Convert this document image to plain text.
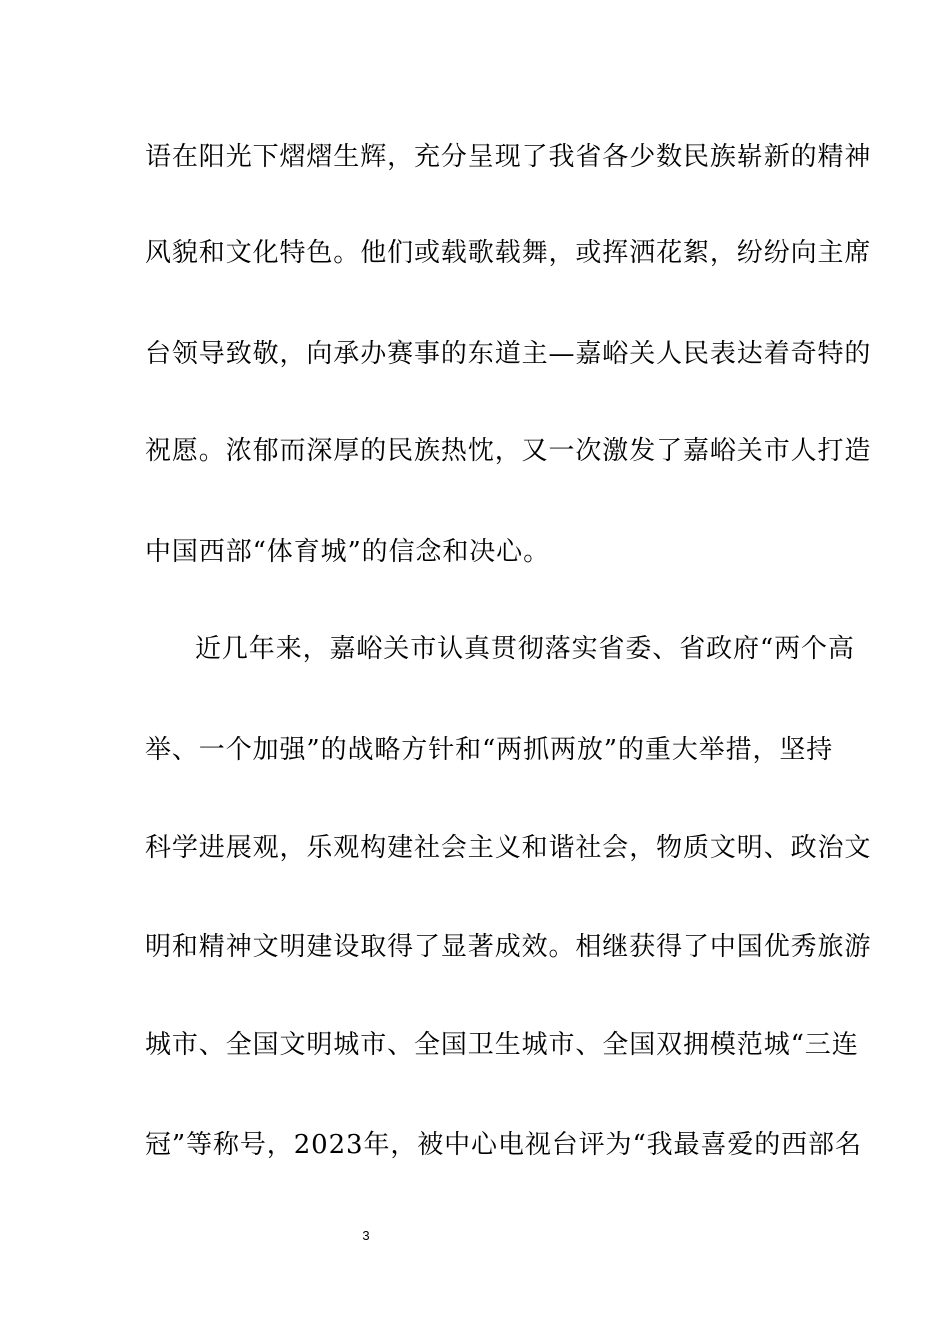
语在阳光下熠熠生辉，充分呈现了我省各少数民族崭新的精神
风貌和文化特色。他们或载歌载舞，或挥洒花絮，纷纷向主席
台领导致敬，向承办赛事的东道主—嘉峪关人民表达着奇特的
祝愿。浓郁而深厚的民族热忱，又一次激发了嘉峪关市人打造
中国西部“体育城”的信念和决心。
近几年来，嘉峪关市认真贯彻落实省委、省政府“两个高
举、一个加强”的战略方针和“两抓两放”的重大举措，坚持
科学进展观，乐观构建社会主义和谐社会，物质文明、政治文
明和精神文明建设取得了显著成效。相继获得了中国优秀旅游
城市、全国文明城市、全国卫生城市、全国双拥模范城“三连
冠”等称号，2023年，被中心电视台评为“我最喜爱的西部名
3
